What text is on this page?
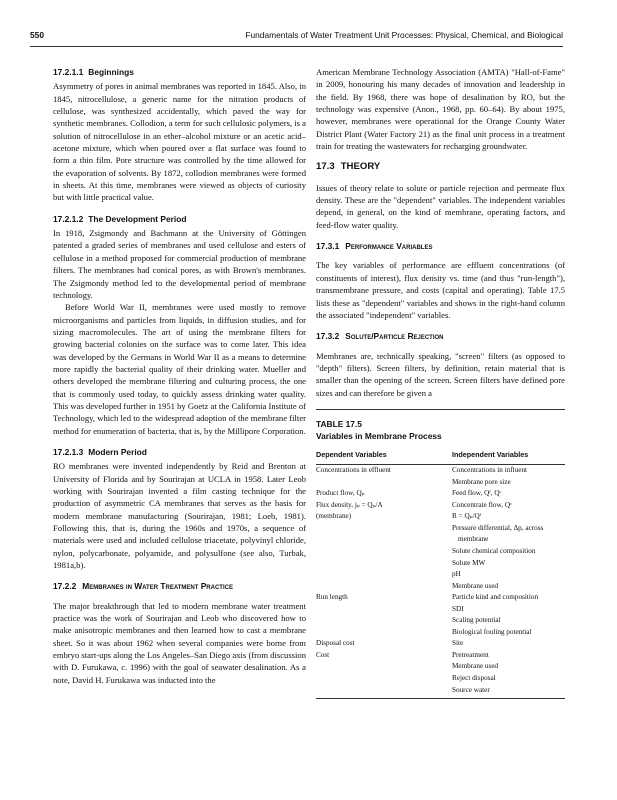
550	Fundamentals of Water Treatment Unit Processes: Physical, Chemical, and Biological
17.2.1.1 Beginnings

Asymmetry of pores in animal membranes was reported in 1845. Also, in 1845, nitrocellulose, a generic name for the nitration products of cellulose, was synthesized accidentally, which paved the way for synthetic membranes. Collodion, a term for such cellulosic polymers, is a solution of nitrocellulose in an ether–alcohol mixture or an acetic acid–acetone mixture, which when poured over a flat surface was found to form a thin film. Pore structure was controlled by the time allowed for the evaporation of solvents. By 1872, collodion membranes were formed in sheets. At this time, membranes were viewed as objects of curiosity but with little practical value.

17.2.1.2 The Development Period

In 1918, Zsigmondy and Bachmann at the University of Göttingen patented a graded series of membranes and used cellulose and esters of cellulose in a method proposed for commercial production of membrane filters. The membranes had conical pores, as with Brown's membranes. The Zsigmondy method led to the developmental period of membrane technology.

Before World War II, membranes were used mostly to remove microorganisms and particles from liquids, in diffusion studies, and for sizing macromolecules. The art of using the membrane filters for growing bacterial colonies on the surface was to come later. This idea was developed by the Germans in World War II as a means to determine more rapidly the bacterial quality of their drinking water. Mueller and others developed the membrane filtering and culturing process, the one that is commonly used today, to quickly assess drinking water quality. This was developed further in 1951 by Goetz at the California Institute of Technology, which led to the widespread adoption of the membrane filter method for enumeration of bacteria, that is, by the Millipore Corporation.

17.2.1.3 Modern Period

RO membranes were invented independently by Reid and Brenton at University of Florida and by Sourirajan at UCLA in 1958. Later Leob working with Sourirajan invented a film casting technique for the production of asymmetric CA membranes that serves as the basis for modern membrane manufacturing (Sourirajan, 1981; Loeb, 1981). Following this, that is, during the 1960s and 1970s, a sequence of materials were used and included cellulose triacetate, polyvinyl chloride, nylon, polycarbonate, polyamide, and polysulfone (see also, Turbak, 1981a,b).

17.2.2 Membranes in Water Treatment Practice

The major breakthrough that led to modern membrane water treatment practice was the work of Sourirajan and Leob who discovered how to make anisotropic membranes and then learned how to cast a membrane sheet. So it was about 1962 when several companies were borne from embryo start-ups along the Los Angeles–San Diego axis (from discussion with D. Furukawa, c. 1996) with the goal of seawater desalination. As a note, David H. Furukawa was inducted into the

American Membrane Technology Association (AMTA) "Hall-of-Fame" in 2009, honouring his many decades of innovation and leadership in the field. By 1968, there was hope of desalination by RO, but the technology was expensive (Anon., 1968, pp. 60–64). By about 1975, however, membranes were operational for the Orange County Water District Plant (Water Factory 21) as the final unit process in a treatment train for treating the wastewaters for recharging groundwater.

17.3 THEORY

Issues of theory relate to solute or particle rejection and permeate flux density. These are the "dependent" variables. The independent variables depend, in general, on the kind of membrane, operating factors, and feed-flow water quality.

17.3.1 Performance Variables

The key variables of performance are effluent concentrations (of constituents of interest), flux density vs. time (and thus "run-length"), transmembrane pressure, and costs (capital and operating). Table 17.5 lists these as "dependent" variables and shows in the right-hand column the associated "independent" variables.

17.3.2 Solute/Particle Rejection

Membranes are, technically speaking, "screen" filters (as opposed to "depth" filters). Screen filters, by definition, retain material that is smaller than the opening of the screen. Screen filters have defined pore sizes and can therefore be given a

TABLE 17.5
Variables in Membrane Process
Dependent Variables	Independent Variables
Concentrations in effluent	Concentrations in influent
	Membrane pore size
Product flow, Qₚ	Feed flow, Qᶠ, Qᶜ
Flux density, jₚ = Qₚ/A	Concentrate flow, Qᶜ
(membrane)	R = Qₚ/Qᶠ
	Pressure differential, Δp, across
	membrane
	Solute chemical composition
	Solute MW
	pH
	Membrane used
Run length	Particle kind and composition
	SDI
	Scaling potential
	Biological fouling potential
Disposal cost	Site
Cost	Pretreatment
	Membrane used
	Reject disposal
	Source water
